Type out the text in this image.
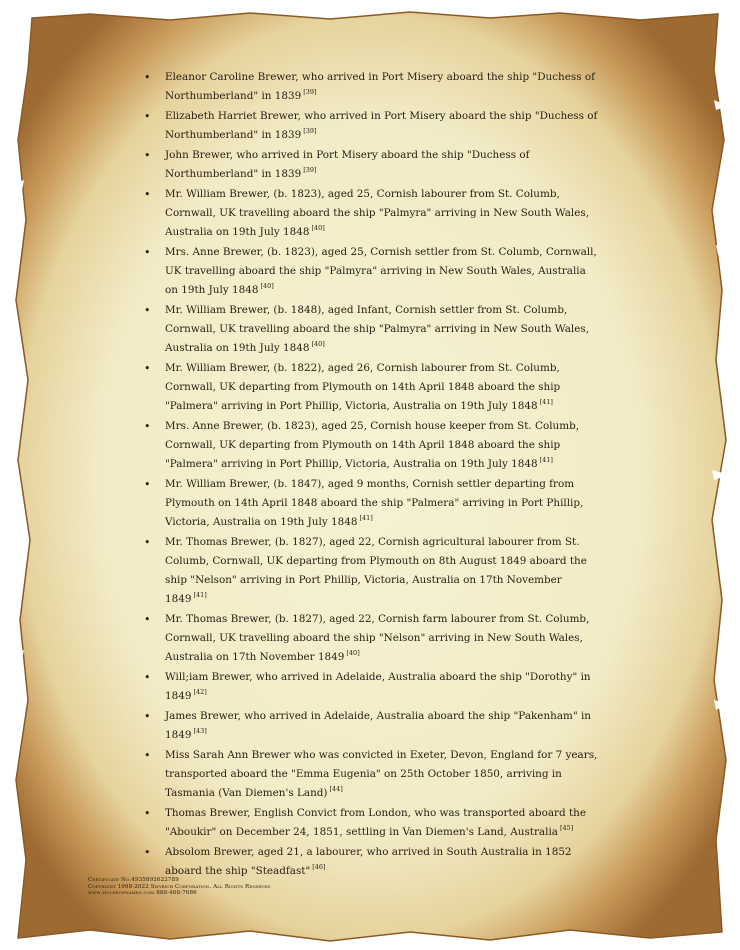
• Eleanor Caroline Brewer, who arrived in Port Misery aboard the ship "Duchess of Northumberland" in 1839 [39]
• Elizabeth Harriet Brewer, who arrived in Port Misery aboard the ship "Duchess of Northumberland" in 1839 [39]
• John Brewer, who arrived in Port Misery aboard the ship "Duchess of Northumberland" in 1839 [39]
• Mr. William Brewer, (b. 1823), aged 25, Cornish labourer from St. Columb, Cornwall, UK travelling aboard the ship "Palmyra" arriving in New South Wales, Australia on 19th July 1848 [40]
• Mrs. Anne Brewer, (b. 1823), aged 25, Cornish settler from St. Columb, Cornwall, UK travelling aboard the ship "Palmyra" arriving in New South Wales, Australia on 19th July 1848 [40]
• Mr. William Brewer, (b. 1848), aged Infant, Cornish settler from St. Columb, Cornwall, UK travelling aboard the ship "Palmyra" arriving in New South Wales, Australia on 19th July 1848 [40]
• Mr. William Brewer, (b. 1822), aged 26, Cornish labourer from St. Columb, Cornwall, UK departing from Plymouth on 14th April 1848 aboard the ship "Palmera" arriving in Port Phillip, Victoria, Australia on 19th July 1848 [41]
• Mrs. Anne Brewer, (b. 1823), aged 25, Cornish house keeper from St. Columb, Cornwall, UK departing from Plymouth on 14th April 1848 aboard the ship "Palmera" arriving in Port Phillip, Victoria, Australia on 19th July 1848 [41]
• Mr. William Brewer, (b. 1847), aged 9 months, Cornish settler departing from Plymouth on 14th April 1848 aboard the ship "Palmera" arriving in Port Phillip, Victoria, Australia on 19th July 1848 [41]
• Mr. Thomas Brewer, (b. 1827), aged 22, Cornish agricultural labourer from St. Columb, Cornwall, UK departing from Plymouth on 8th August 1849 aboard the ship "Nelson" arriving in Port Phillip, Victoria, Australia on 17th November 1849 [41]
• Mr. Thomas Brewer, (b. 1827), aged 22, Cornish farm labourer from St. Columb, Cornwall, UK travelling aboard the ship "Nelson" arriving in New South Wales, Australia on 17th November 1849 [40]
• Will;iam Brewer, who arrived in Adelaide, Australia aboard the ship "Dorothy" in 1849 [42]
• James Brewer, who arrived in Adelaide, Australia aboard the ship "Pakenham" in 1849 [43]
• Miss Sarah Ann Brewer who was convicted in Exeter, Devon, England for 7 years, transported aboard the "Emma Eugenia" on 25th October 1850, arriving in Tasmania (Van Diemen's Land) [44]
• Thomas Brewer, English Convict from London, who was transported aboard the "Aboukir" on December 24, 1851, settling in Van Diemen's Land, Australia [45]
• Absolom Brewer, aged 21, a labourer, who arrived in South Australia in 1852 aboard the ship "Steadfast" [46]
Certificate No.4935892622789
Copyright 1998-2022 Swyrich Corporation. All Rights Reserved
www.houseofnames.com 888-468-7686
